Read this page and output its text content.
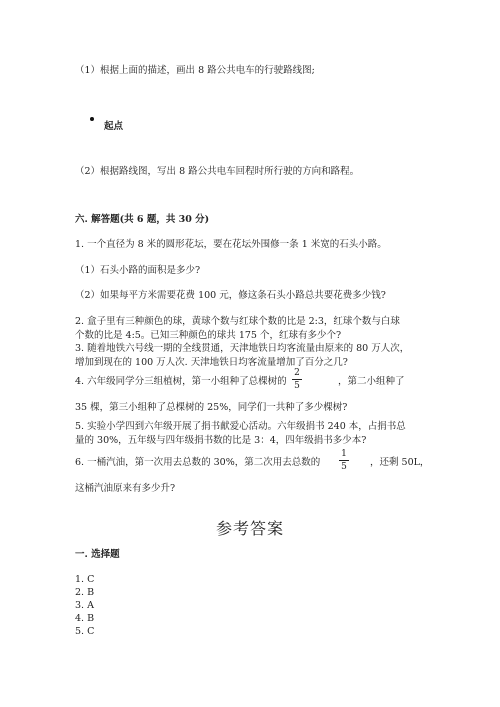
（1）根据上面的描述，画出 8 路公共电车的行驶路线图;
起点
（2）根据路线图，写出 8 路公共电车回程时所行驶的方向和路程。
六. 解答题(共 6 题，共 30 分)
1. 一个直径为 8 米的圆形花坛，要在花坛外围修一条 1 米宽的石头小路。
（1）石头小路的面积是多少?
（2）如果每平方米需要花费 100 元，修这条石头小路总共要花费多少钱?
2. 盒子里有三种颜色的球，黄球个数与红球个数的比是 2:3，红球个数与白球
个数的比是 4:5。已知三种颜色的球共 175 个，红球有多少个?
3. 随着地铁六号线一期的全线贯通，天津地铁日均客流量由原来的 80 万人次，
增加到现在的 100 万人次. 天津地铁日均客流量增加了百分之几?
4. 六年级同学分三组植树，第一小组种了总棵树的
2
5	，第二小组种了
35 棵，第三小组种了总棵树的 25%，同学们一共种了多少棵树?
5. 实验小学四到六年级开展了捐书献爱心活动。六年级捐书 240 本，占捐书总
量的 30%，五年级与四年级捐书数的比是 3：4，四年级捐书多少本?
6. 一桶汽油，第一次用去总数的 30%，第二次用去总数的
1
5	，还剩 50L，
这桶汽油原来有多少升?
参考答案
一. 选择题
1. C
2. B
3. A
4. B
5. C
